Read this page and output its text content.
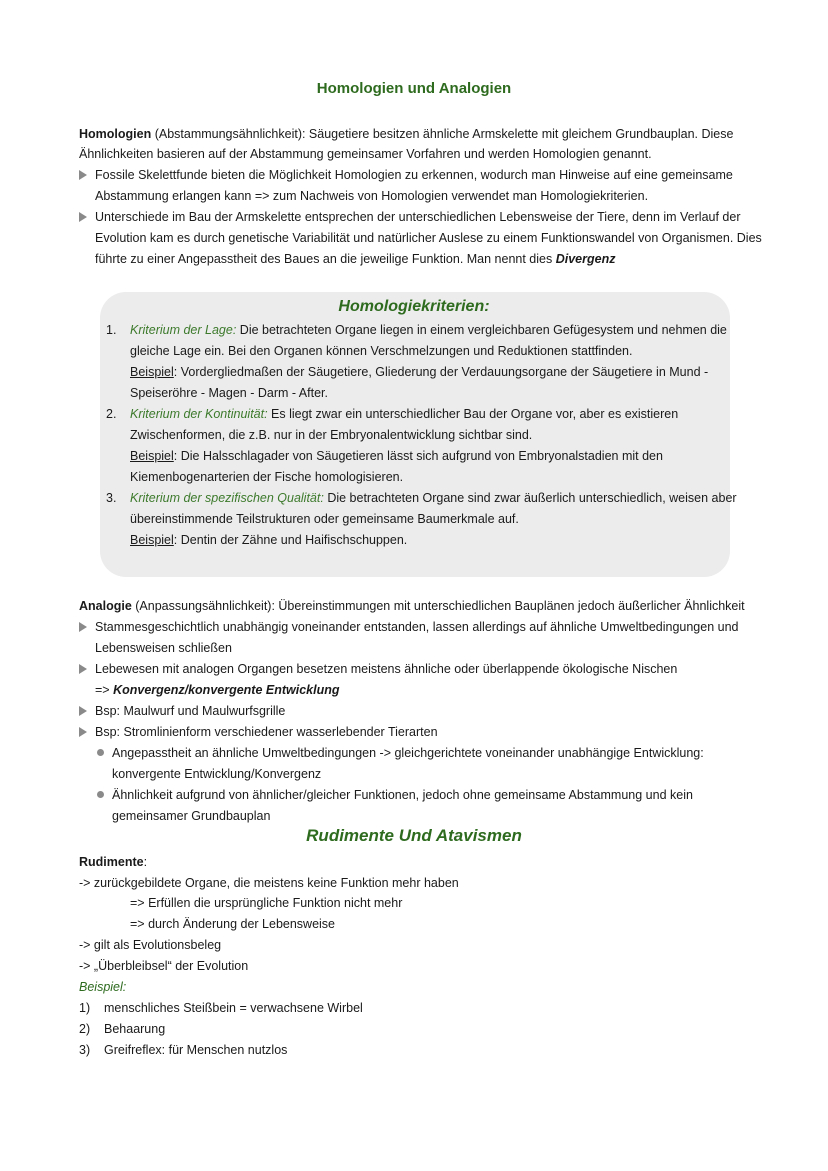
Homologien und Analogien
Homologien (Abstammungsähnlichkeit): Säugetiere besitzen ähnliche Armskelette mit gleichem Grundbauplan. Diese
Ähnlichkeiten basieren auf der Abstammung gemeinsamer Vorfahren und werden Homologien genannt.
Fossile Skelettfunde bieten die Möglichkeit Homologien zu erkennen, wodurch man Hinweise auf eine gemeinsame
Abstammung erlangen kann => zum Nachweis von Homologien verwendet man Homologiekriterien.
Unterschiede im Bau der Armskelette entsprechen der unterschiedlichen Lebensweise der Tiere, denn im Verlauf der
Evolution kam es durch genetische Variabilität und natürlicher Auslese zu einem Funktionswandel von Organismen. Dies
führte zu einer Angepasstheit des Baues an die jeweilige Funktion. Man nennt dies Divergenz
Homologiekriterien:
1. Kriterium der Lage: Die betrachteten Organe liegen in einem vergleichbaren Gefügesystem und nehmen die
gleiche Lage ein. Bei den Organen können Verschmelzungen und Reduktionen stattfinden.
Beispiel: Vordergliedmaßen der Säugetiere, Gliederung der Verdauungsorgane der Säugetiere in Mund -
Speiseröhre - Magen - Darm - After.
2. Kriterium der Kontinuität: Es liegt zwar ein unterschiedlicher Bau der Organe vor, aber es existieren
Zwischenformen, die z.B. nur in der Embryonalentwicklung sichtbar sind.
Beispiel: Die Halsschlagader von Säugetieren lässt sich aufgrund von Embryonalstadien mit den
Kiemenbogenarterien der Fische homologisieren.
3. Kriterium der spezifischen Qualität: Die betrachteten Organe sind zwar äußerlich unterschiedlich, weisen aber
übereinstimmende Teilstrukturen oder gemeinsame Baumerkmale auf.
Beispiel: Dentin der Zähne und Haifischschuppen.
Analogie (Anpassungsähnlichkeit): Übereinstimmungen mit unterschiedlichen Bauplänen jedoch äußerlicher Ähnlichkeit
Stammesgeschichtlich unabhängig voneinander entstanden, lassen allerdings auf ähnliche Umweltbedingungen und
Lebensweisen schließen
Lebewesen mit analogen Organgen besetzen meistens ähnliche oder überlappende ökologische Nischen
=> Konvergenz/konvergente Entwicklung
Bsp: Maulwurf und Maulwurfsgrille
Bsp: Stromlinienform verschiedener wasserlebender Tierarten
Angepasstheit an ähnliche Umweltbedingungen -> gleichgerichtete voneinander unabhängige Entwicklung:
konvergente Entwicklung/Konvergenz
Ähnlichkeit aufgrund von ähnlicher/gleicher Funktionen, jedoch ohne gemeinsame Abstammung und kein
gemeinsamer Grundbauplan
Rudimente Und Atavismen
Rudimente:
-> zurückgebildete Organe, die meistens keine Funktion mehr haben
=> Erfüllen die ursprüngliche Funktion nicht mehr
=> durch Änderung der Lebensweise
-> gilt als Evolutionsbeleg
-> „Überbleibsel“ der Evolution
Beispiel:
1) menschliches Steißbein = verwachsene Wirbel
2) Behaarung
3) Greifreflex: für Menschen nutzlos
